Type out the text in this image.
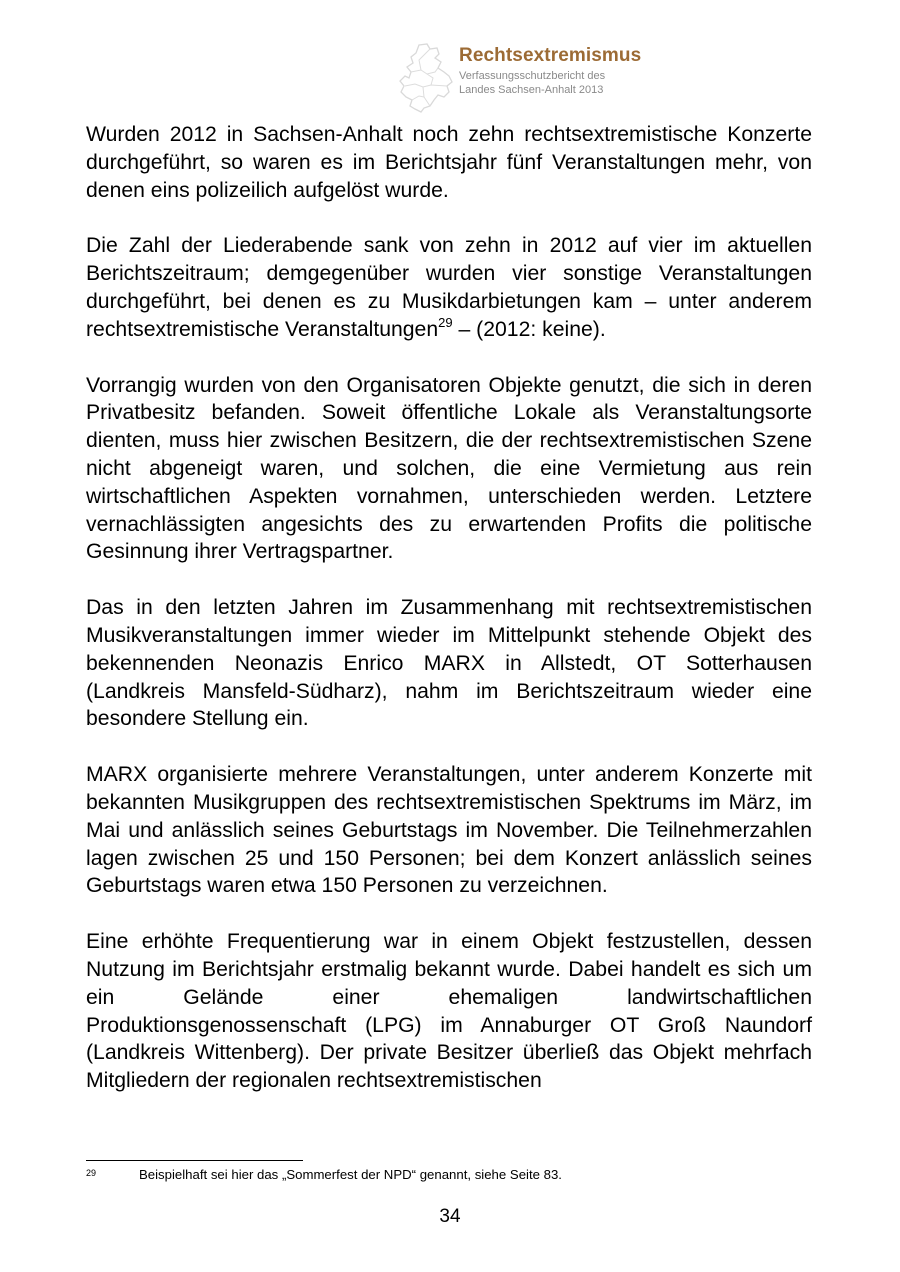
Rechtsextremismus
Verfassungsschutzbericht des
Landes Sachsen-Anhalt 2013

Wurden 2012 in Sachsen-Anhalt noch zehn rechtsextremistische Konzerte durchgeführt, so waren es im Berichtsjahr fünf Veranstaltungen mehr, von denen eins polizeilich aufgelöst wurde.

Die Zahl der Liederabende sank von zehn in 2012 auf vier im aktuellen Berichtszeitraum; demgegenüber wurden vier sonstige Veranstaltungen durchgeführt, bei denen es zu Musikdarbietungen kam – unter anderem rechtsextremistische Veranstaltungen$^{29}$ – (2012: keine).

Vorrangig wurden von den Organisatoren Objekte genutzt, die sich in deren Privatbesitz befanden. Soweit öffentliche Lokale als Veranstaltungsorte dienten, muss hier zwischen Besitzern, die der rechtsextremistischen Szene nicht abgeneigt waren, und solchen, die eine Vermietung aus rein wirtschaftlichen Aspekten vornahmen, unterschieden werden. Letztere vernachlässigten angesichts des zu erwartenden Profits die politische Gesinnung ihrer Vertragspartner.

Das in den letzten Jahren im Zusammenhang mit rechtsextremistischen Musikveranstaltungen immer wieder im Mittelpunkt stehende Objekt des bekennenden Neonazis Enrico MARX in Allstedt, OT Sotterhausen (Landkreis Mansfeld-Südharz), nahm im Berichtszeitraum wieder eine besondere Stellung ein.

MARX organisierte mehrere Veranstaltungen, unter anderem Konzerte mit bekannten Musikgruppen des rechtsextremistischen Spektrums im März, im Mai und anlässlich seines Geburtstags im November. Die Teilnehmerzahlen lagen zwischen 25 und 150 Personen; bei dem Konzert anlässlich seines Geburtstags waren etwa 150 Personen zu verzeichnen.

Eine erhöhte Frequentierung war in einem Objekt festzustellen, dessen Nutzung im Berichtsjahr erstmalig bekannt wurde. Dabei handelt es sich um ein Gelände einer ehemaligen landwirtschaftlichen Produktionsgenossenschaft (LPG) im Annaburger OT Groß Naundorf (Landkreis Wittenberg). Der private Besitzer überließ das Objekt mehrfach Mitgliedern der regionalen rechtsextremistischen

29	Beispielhaft sei hier das „Sommerfest der NPD“ genannt, siehe Seite 83.
34
